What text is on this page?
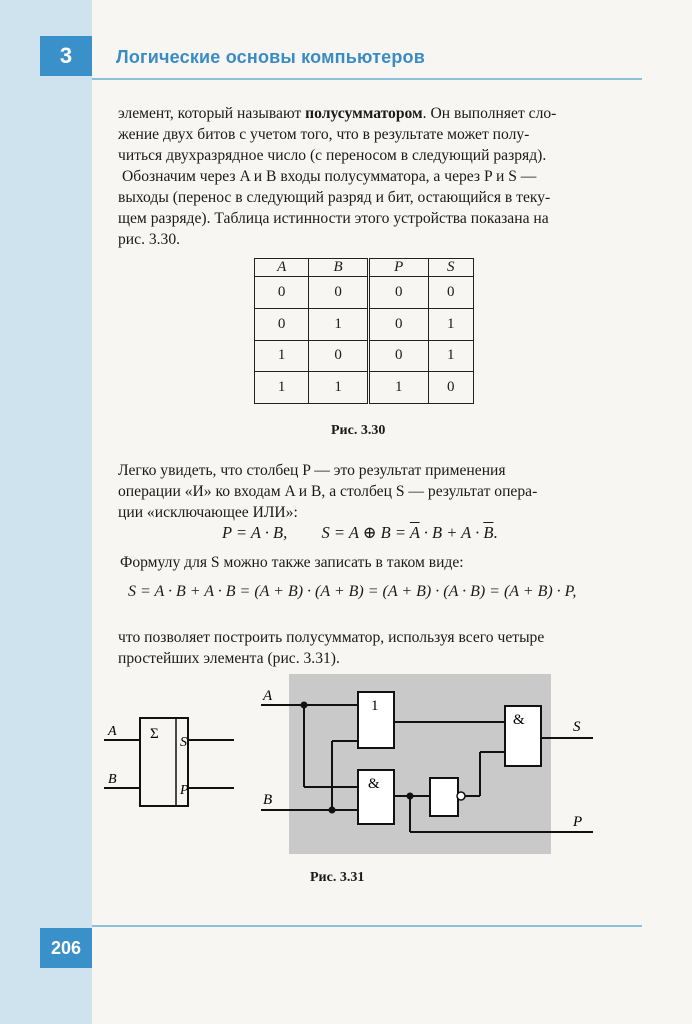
3	Логические основы компьютеров
элемент, который называют полусумматором. Он выполняет сло-
жение двух битов с учетом того, что в результате может полу-
читься двухразрядное число (с переносом в следующий разряд).
Обозначим через A и B входы полусумматора, а через P и S —
выходы (перенос в следующий разряд и бит, остающийся в теку-
щем разряде). Таблица истинности этого устройства показана на
рис. 3.30.
A	B	P	S
0	0	0	0
0	1	0	1
1	0	0	1
1	1	1	0
Рис. 3.30
Легко увидеть, что столбец P — это результат применения
операции «И» ко входам A и B, а столбец S — результат опера-
ции «исключающее ИЛИ»:
P = A · B, S = A ⊕ $B = \overline{A} \cdot B + A \cdot \overline{B}$.
Формулу для S можно также записать в таком виде:
S = A · B + A · B = (A + B) · (A + B) = (A + B) · (A · B) = (A + B) · P,
что позволяет построить полусумматор, используя всего четыре
простейших элемента (рис. 3.31).
Σ
A
B
S
P
1
&
&
A
B
S
P
Рис. 3.31
206
